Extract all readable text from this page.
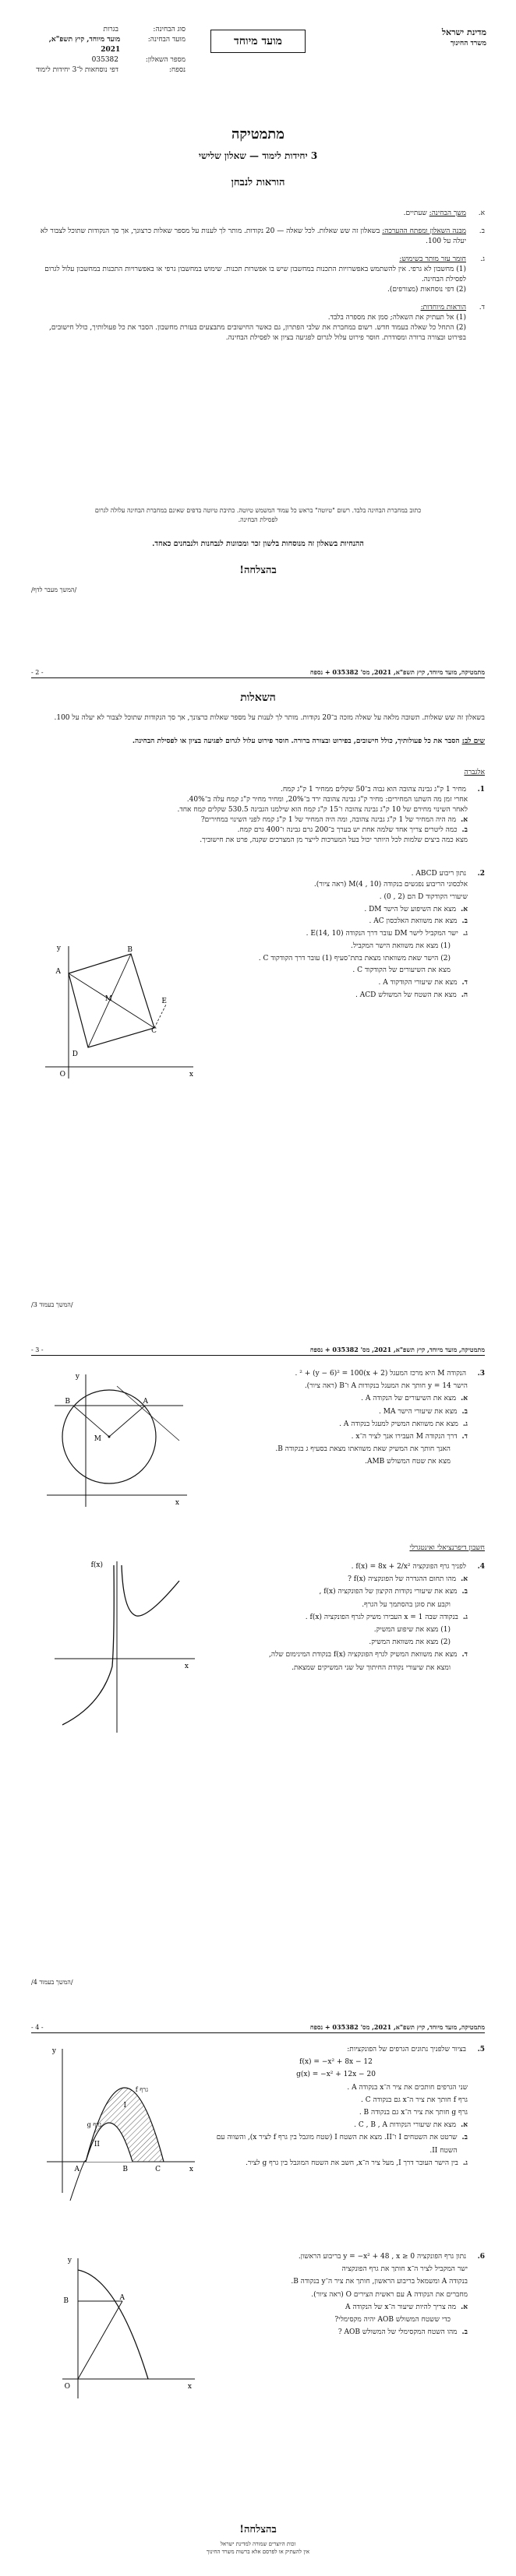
מדינת ישראל
משרד החינוך
מועד מיוחד
סוג הבחינה:
בגרות
מועד הבחינה:
מועד מיוחד, קיץ תשפ"א, 2021
מספר השאלון:
035382
נספח:
דפי נוסחאות ל־3 יחידות לימוד
מתמטיקה
3 יחידות לימוד — שאלון שלישי
הוראות לנבחן
א.
משך הבחינה: שעתיים.
ב.
מבנה השאלון ומפתח ההערכה: בשאלון זה שש שאלות. לכל שאלה — 20 נקודות. מותר לך לענות על מספר שאלות כרצונך, אך סך הנקודות שתוכל לצבור לא יעלה על 100.
ג.
חומר עזר מותר בשימוש:
(1) מחשבון לא גרפי. אין להשתמש באפשרויות התכנות במחשבון שיש בו אפשרות תכנות. שימוש במחשבון גרפי או באפשרויות התכנות במחשבון עלול לגרום לפסילת הבחינה.
(2) דפי נוסחאות (מצורפים).
ד.
הוראות מיוחדות:
(1) אל תעתיק את השאלה; סמן את מספרה בלבד.
(2) התחל כל שאלה בעמוד חדש. רשום במחברת את שלבי הפתרון, גם כאשר החישובים מתבצעים בעזרת מחשבון. הסבר את כל פעולותיך, כולל חישובים, בפירוט ובצורה ברורה ומסודרת. חוסר פירוט עלול לגרום לפגיעה בציון או לפסילת הבחינה.
כתוב במחברת הבחינה בלבד. רשום "טיוטה" בראש כל עמוד המשמש טיוטה. כתיבת טיוטה בדפים שאינם במחברת הבחינה עלולה לגרום לפסילת הבחינה.
ההנחיות בשאלון זה מנוסחות בלשון זכר ומכוונות לנבחנות ולנבחנים כאחד.
בהצלחה!
/המשך מעבר לדף/
מתמטיקה, מועד מיוחד, קיץ תשפ"א, 2021, מס' 035382 + נספח
- 2 -
השאלות
בשאלון זה שש שאלות. תשובה מלאה על שאלה מזכה ב־20 נקודות. מותר לך לענות על מספר שאלות כרצונך, אך סך הנקודות שתוכל לצבור לא יעלה על 100.
שים לב: הסבר את כל פעולותיך, כולל חישובים, בפירוט ובצורה ברורה. חוסר פירוט עלול לגרום לפגיעה בציון או לפסילת הבחינה.
אלגברה
1.
מחיר 1 ק"ג גבינה צהובה הוא גבוה ב־50 שקלים ממחיר 1 ק"ג קמח.
אחרי זמן מה השתנו המחירים: מחיר ק"ג גבינה צהובה ירד ב־20%, ומחיר מחיר ק"ג קמח עלה ב־40%.
לאחר השינוי מחירם של 10 ק"ג גבינה צהובה ו־15 ק"ג קמח הוא שילמנו הגבינה 530.5 שקלים קמח אחד.
א.
מה היה המחיר של 1 ק"ג גבינה צהובה, ומה היה המחיר של 1 ק"ג קמח לפני השינוי במחירים?
ב.
כמה ליטרים צריך אחד שלמה אחת יש בערך ב־200 גרם גבינה ו־400 גרם קמח.
מצא כמה ביצים שלמות לכל היותר יכול בעל המערכות לייצר מן המצרכים שקנה, פרט את חישוביך.
2.
נתון ריבוע ABCD .
אלכסוני הריבוע נפגשים בנקודה M(4 , 10) (ראה ציור).
שיעורי הקודקוד D הם (2 , 0) .
א.
מצא את השיפוע של הישר DM .
ב.
מצא את משוואת האלכסון AC .
ג.
ישר המקביל לישר DM עובר דרך הנקודה E(14, 10) .
(1) מצא את משוואת הישר המקביל.
(2) הישר שאת משוואתו מצאת בתת־סעיף (1) עובר דרך הקודקוד C .
מצא את השיעורים של הקודקוד C .
ד.
מצא את שיעורי הקודקוד A .
ה.
מצא את השטח של המשולש ACD .
A
B
C
D
M	E
O	x
y
/המשך בעמוד 3/
מתמטיקה, מועד מיוחד, קיץ תשפ"א, 2021, מס' 035382 + נספח
- 3 -
3.
הנקודה M היא מרכז המעגל (x + 2)² + (y − 6)² = 100 .
הישר y = 14 חותך את המעגל בנקודות A ו־B (ראה ציור).
א.
מצא את השיעורים של הנקודה A .
ב.
מצא את שיעורי הישר MA .
ג.
מצא את משוואת המשיק למעגל בנקודה A .
ד.
דרך הנקודה M העבירו אנך לציר ה־x .
האנך חותך את המשיק שאת משוואתו מצאת בסעיף ג בנקודה B.
מצא את שטח המשולש AMB.
M
A
B
x
y
חשבון דיפרנציאלי ואינטגרלי
4.
לפניך גרף הפונקציה f(x) = 8x + 2/x² .
א.
מהו תחום ההגדרה של הפונקציה f(x) ?
ב.
מצא את שיעורי נקודות הקיצון של הפונקציה f(x) ,
וקבע את סוגן בהסתמך על הגרף.
ג.
בנקודה שבה x = 1 העבירו משיק לגרף הפונקציה f(x) .
(1) מצא את שיפוע המשיק.
(2) מצא את משוואת המשיק.
ד.
מצא את משוואת המשיק לגרף הפונקציה f(x) בנקודת המינימום שלה,
ומצא את שיעורי נקודת החיתוך של שני המשיקים שמצאת.
f(x)
x
/המשך בעמוד 4/
מתמטיקה, מועד מיוחד, קיץ תשפ"א, 2021, מס' 035382 + נספח
- 4 -
5.
בציור שלפניך נתונים הגרפים של הפונקציות:
f(x) = −x² + 8x − 12
g(x) = −x² + 12x − 20
שני הגרפים חותכים את ציר ה־x בנקודה A .
גרף f חותך את ציר ה־x גם בנקודה C .
גרף g חותך את ציר ה־x גם בנקודה B .
א.
מצא את שיעורי הנקודות C , B , A .
ב.
שרטט את השטחים I ו־II. מצא את השטח I (שטח מוגבל בין גרף f לציר x), והשווה עם השטח II.
ג.
בין הישר העובר דרך I, מעל ציר ה־x, חשב את השטח המוגבל בין גרף g לציר.
A	B	C
II
I
גרף f
גרף g
x
y
6.
נתון גרף הפונקציה y = −x² + 48 , x ≥ 0 בריבוע הראשון.
ישר המקביל לציר ה־x חותך את גרף הפונקציה
בנקודה A ומשמאל בריבוע הראשון, חותך את ציר ה־y בנקודה B.
מחברים את הנקודה A עם ראשית הצירים O (ראה ציור).
א.
מה צריך להיות שיעור ה־x של הנקודה A
כדי ששטח המשולש AOB יהיה מקסימלי?
ב.
מהו השטח המקסימלי של המשולש AOB ?
A
B
O	x
y
בהצלחה!
זכות היוצרים שמורה למדינת ישראל
אין להעתיק או לפרסם אלא ברשות משרד החינוך
